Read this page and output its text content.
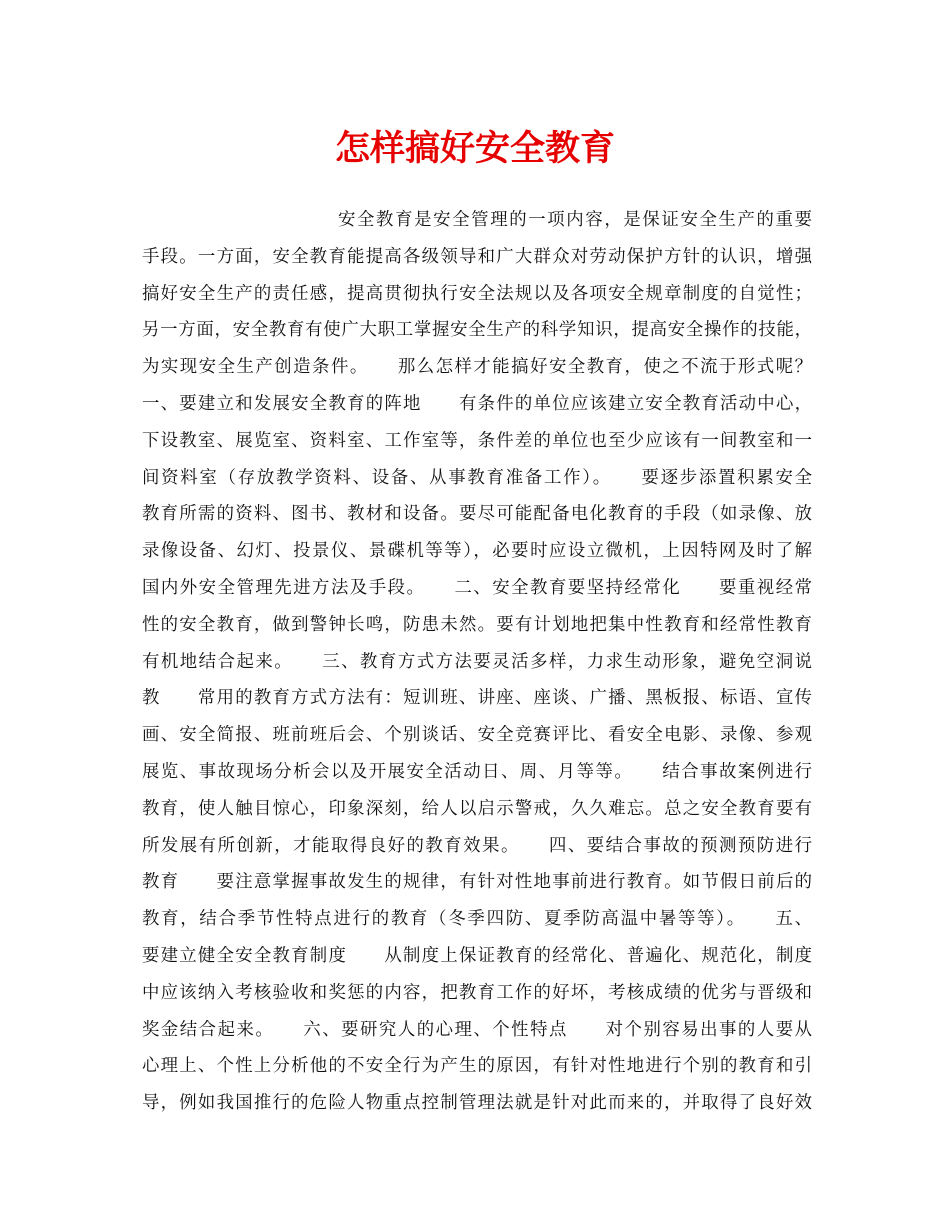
怎样搞好安全教育
安全教育是安全管理的一项内容，是保证安全生产的重要
手段。一方面，安全教育能提高各级领导和广大群众对劳动保护方针的认识，增强
搞好安全生产的责任感，提高贯彻执行安全法规以及各项安全规章制度的自觉性；
另一方面，安全教育有使广大职工掌握安全生产的科学知识，提高安全操作的技能，
为实现安全生产创造条件。　　那么怎样才能搞好安全教育，使之不流于形式呢？
一、要建立和发展安全教育的阵地　　有条件的单位应该建立安全教育活动中心，
下设教室、展览室、资料室、工作室等，条件差的单位也至少应该有一间教室和一
间资料室（存放教学资料、设备、从事教育准备工作）。　　要逐步添置积累安全
教育所需的资料、图书、教材和设备。要尽可能配备电化教育的手段（如录像、放
录像设备、幻灯、投景仪、景碟机等等），必要时应设立微机，上因特网及时了解
国内外安全管理先进方法及手段。　　二、安全教育要坚持经常化　　要重视经常
性的安全教育，做到警钟长鸣，防患未然。要有计划地把集中性教育和经常性教育
有机地结合起来。　　三、教育方式方法要灵活多样，力求生动形象，避免空洞说
教　　常用的教育方式方法有：短训班、讲座、座谈、广播、黑板报、标语、宣传
画、安全简报、班前班后会、个别谈话、安全竞赛评比、看安全电影、录像、参观
展览、事故现场分析会以及开展安全活动日、周、月等等。　　结合事故案例进行
教育，使人触目惊心，印象深刻，给人以启示警戒，久久难忘。总之安全教育要有
所发展有所创新，才能取得良好的教育效果。　　四、要结合事故的预测预防进行
教育　　要注意掌握事故发生的规律，有针对性地事前进行教育。如节假日前后的
教育，结合季节性特点进行的教育（冬季四防、夏季防高温中暑等等）。　　五、
要建立健全安全教育制度　　从制度上保证教育的经常化、普遍化、规范化，制度
中应该纳入考核验收和奖惩的内容，把教育工作的好坏，考核成绩的优劣与晋级和
奖金结合起来。　　六、要研究人的心理、个性特点　　对个别容易出事的人要从
心理上、个性上分析他的不安全行为产生的原因，有针对性地进行个别的教育和引
导，例如我国推行的危险人物重点控制管理法就是针对此而来的，并取得了良好效
